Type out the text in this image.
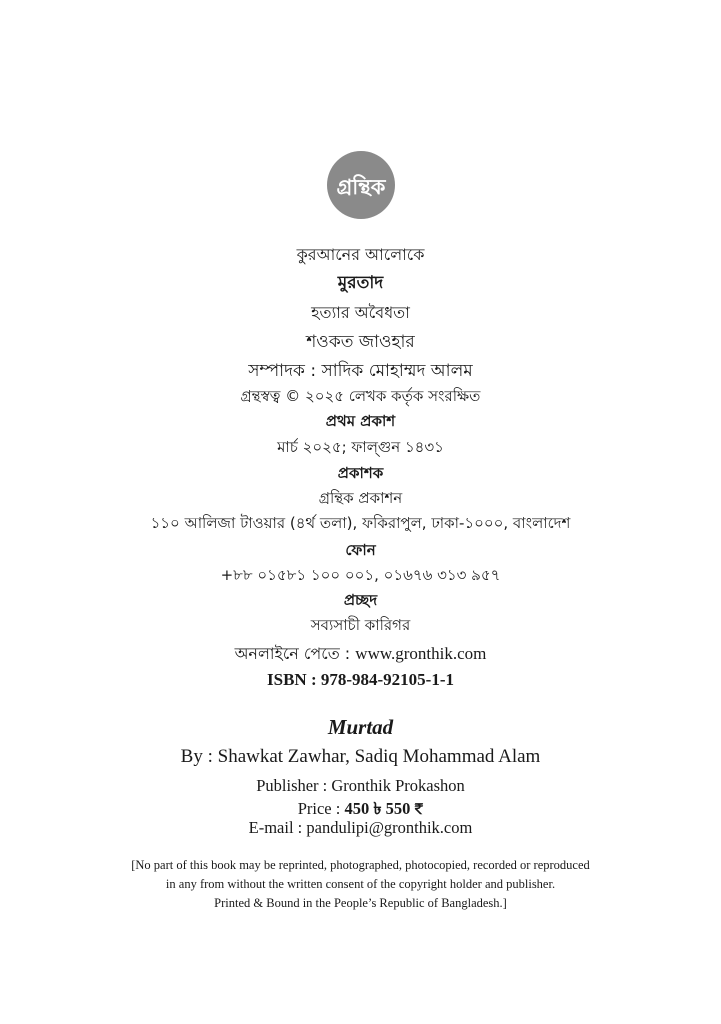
গ্রন্থিক
কুরআনের আলোকে
মুরতাদ
হত্যার অবৈধতা
শওকত জাওহার
সম্পাদক : সাদিক মোহাম্মদ আলম
গ্রন্থস্বত্ব © ২০২৫ লেখক কর্তৃক সংরক্ষিত
প্রথম প্রকাশ
মার্চ ২০২৫; ফাল্গুন ১৪৩১
প্রকাশক
গ্রন্থিক প্রকাশন
১১০ আলিজা টাওয়ার (৪র্থ তলা), ফকিরাপুল, ঢাকা-১০০০, বাংলাদেশ
ফোন
+৮৮ ০১৫৮১ ১০০ ০০১, ০১৬৭৬ ৩১৩ ৯৫৭
প্রচ্ছদ
সব্যসাচী কারিগর
অনলাইনে পেতে : www.gronthik.com
ISBN : 978-984-92105-1-1
Murtad
By : Shawkat Zawhar, Sadiq Mohammad Alam
Publisher : Gronthik Prokashon
Price : 450 ৳ 550 ₹
E-mail : pandulipi@gronthik.com
[No part of this book may be reprinted, photographed, photocopied, recorded or reproduced
in any from without the written consent of the copyright holder and publisher.
Printed & Bound in the People’s Republic of Bangladesh.]
